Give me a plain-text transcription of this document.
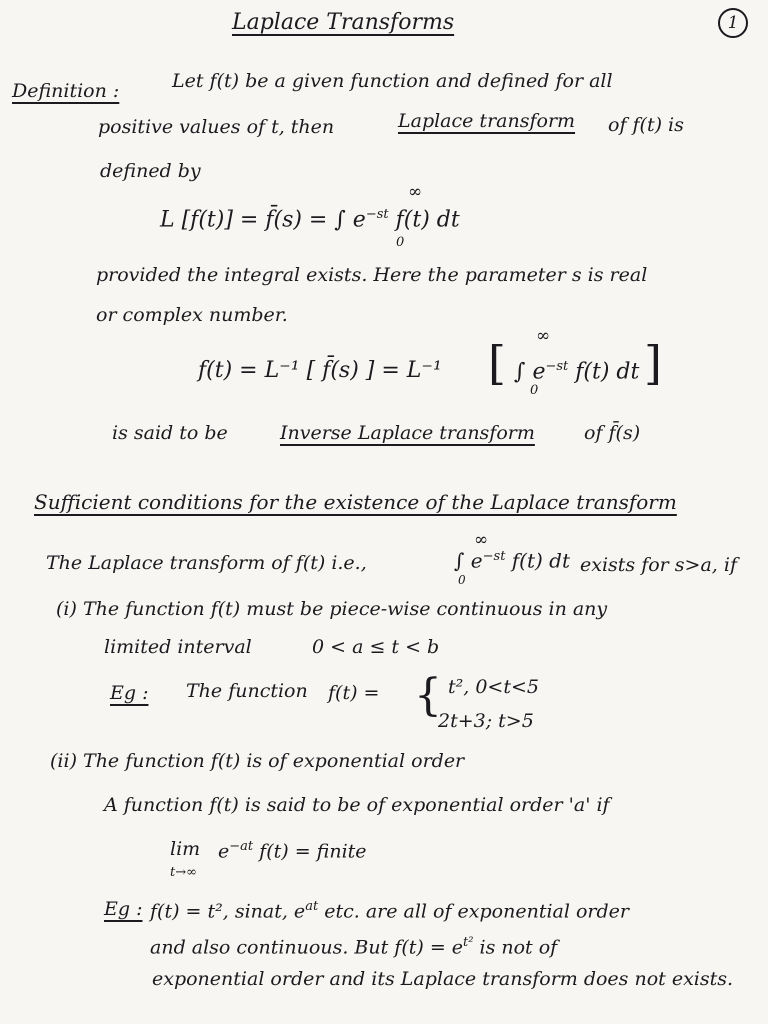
Laplace Transforms	1
Definition :	Let f(t) be a given function and defined for all
positive values of t, then	Laplace transform of f(t) is
defined by
∞
L [f(t)] = f̄(s) = ∫ $e^{-st}$ f(t) dt
0
provided the integral exists. Here the parameter s is real
or complex number.
∞
f(t) = L⁻¹ [ f̄(s) ] = L⁻¹ [ ∫ $e^{-st}$ f(t) dt ]
0
is said to be	Inverse Laplace transform	of f̄(s)
Sufficient conditions for the existence of the Laplace transform
∞
The Laplace transform of f(t) i.e.,	∫ $e^{-st}$ f(t) dt
0
exists for s>a, if
(i) The function f(t) must be piece-wise continuous in any
limited interval	0 < a ≤ t < b
Eg : The function f(t) = { t², 0<t<5
2t+3; t>5
(ii) The function f(t) is of exponential order
A function f(t) is said to be of exponential order 'a' if
lim
t→∞
$e^{-at}$ f(t) = finite
Eg : f(t) = t², sinat, $e^{at}$ etc. are all of exponential order
and also continuous. But $f(t) = e^{t^2}$ is not of
exponential order and its Laplace transform does not exists.
